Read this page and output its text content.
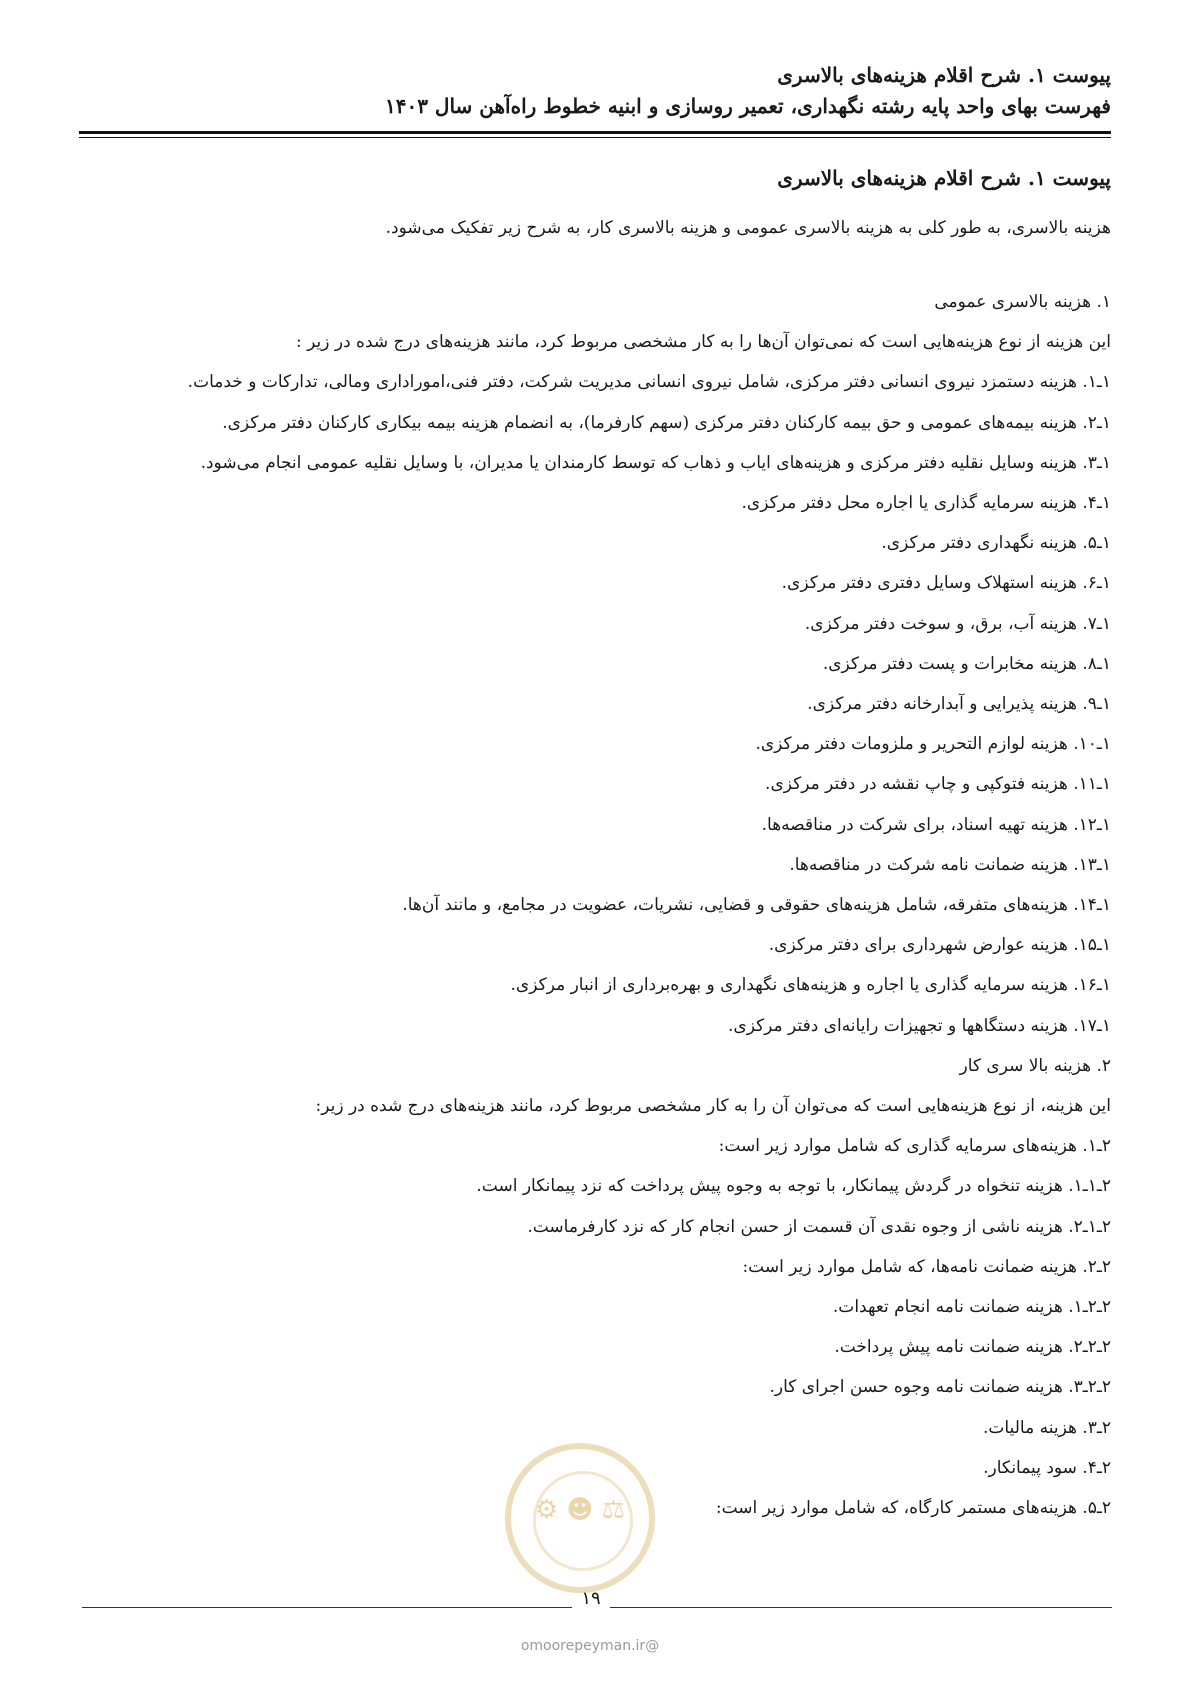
پیوست ۱. شرح اقلام هزینه‌های بالاسری
فهرست بهای واحد پایه رشته نگهداری، تعمیر روسازی و ابنیه خطوط راه‌آهن سال ۱۴۰۳
پیوست ۱. شرح اقلام هزینه‌های بالاسری
هزینه بالاسری، به طور کلی به هزینه بالاسری عمومی و هزینه بالاسری کار، به شرح زیر تفکیک می‌شود.
۱. هزینه بالاسری عمومی
این هزینه از نوع هزینه‌هایی است که نمی‌توان آن‌ها را به کار مشخصی مربوط کرد، مانند هزینه‌های درج شده در زیر :
۱ـ۱. هزینه دستمزد نیروی انسانی دفتر مرکزی، شامل نیروی انسانی مدیریت شرکت، دفتر فنی،اموراداری ومالی، تدارکات و خدمات.
۱ـ۲. هزینه بیمه‌های عمومی و حق بیمه کارکنان دفتر مرکزی (سهم کارفرما)، به انضمام هزینه بیمه بیکاری کارکنان دفتر مرکزی.
۱ـ۳. هزینه وسایل نقلیه دفتر مرکزی و هزینه‌های ایاب و ذهاب که توسط کارمندان یا مدیران، با وسایل نقلیه عمومی انجام می‌شود.
۱ـ۴. هزینه سرمایه گذاری یا اجاره محل دفتر مرکزی.
۱ـ۵. هزینه نگهداری دفتر مرکزی.
۱ـ۶. هزینه استهلاک وسایل دفتری دفتر مرکزی.
۱ـ۷. هزینه آب، برق، و سوخت دفتر مرکزی.
۱ـ۸. هزینه مخابرات و پست دفتر مرکزی.
۱ـ۹. هزینه پذیرایی و آبدارخانه دفتر مرکزی.
۱ـ۱۰. هزینه لوازم التحریر و ملزومات دفتر مرکزی.
۱ـ۱۱. هزینه فتوکپی و چاپ نقشه در دفتر مرکزی.
۱ـ۱۲. هزینه تهیه اسناد، برای شرکت در مناقصه‌ها.
۱ـ۱۳. هزینه ضمانت نامه شرکت در مناقصه‌ها.
۱ـ۱۴. هزینه‌های متفرقه، شامل هزینه‌های حقوقی و قضایی، نشریات، عضویت در مجامع، و مانند آن‌ها.
۱ـ۱۵. هزینه عوارض شهرداری برای دفتر مرکزی.
۱ـ۱۶. هزینه سرمایه گذاری یا اجاره و هزینه‌های نگهداری و بهره‌برداری از انبار مرکزی.
۱ـ۱۷. هزینه دستگاهها و تجهیزات رایانه‌ای دفتر مرکزی.
۲. هزینه بالا سری کار
این هزینه، از نوع هزینه‌هایی است که می‌توان آن را به کار مشخصی مربوط کرد، مانند هزینه‌های درج شده در زیر:
۲ـ۱. هزینه‌های سرمایه گذاری که شامل موارد زیر است:
۲ـ۱ـ۱. هزینه تنخواه در گردش پیمانکار، با توجه به وجوه پیش پرداخت که نزد پیمانکار است.
۲ـ۱ـ۲. هزینه ناشی از وجوه نقدی آن قسمت از حسن انجام کار که نزد کارفرماست.
۲ـ۲. هزینه ضمانت نامه‌ها، که شامل موارد زیر است:
۲ـ۲ـ۱. هزینه ضمانت نامه انجام تعهدات.
۲ـ۲ـ۲. هزینه ضمانت نامه پیش پرداخت.
۲ـ۲ـ۳. هزینه ضمانت نامه وجوه حسن اجرای کار.
۲ـ۳. هزینه مالیات.
۲ـ۴. سود پیمانکار.
۲ـ۵. هزینه‌های مستمر کارگاه، که شامل موارد زیر است:
⚖ ☻ ⚙
۱۹
@omoorepeyman.ir
